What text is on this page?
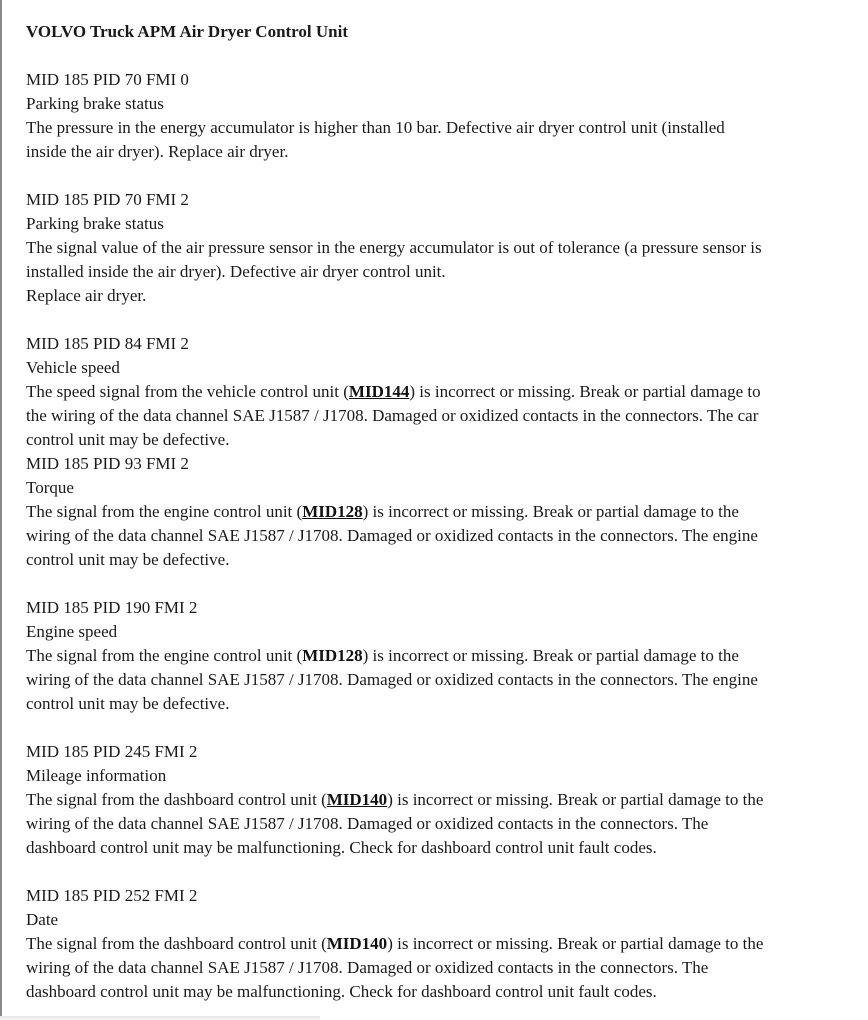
VOLVO Truck APM Air Dryer Control Unit

MID 185 PID 70 FMI 0

Parking brake status

The pressure in the energy accumulator is higher than 10 bar. Defective air dryer control unit (installed
inside the air dryer). Replace air dryer.

MID 185 PID 70 FMI 2

Parking brake status

The signal value of the air pressure sensor in the energy accumulator is out of tolerance (a pressure sensor is
installed inside the air dryer). Defective air dryer control unit.
Replace air dryer.

MID 185 PID 84 FMI 2

Vehicle speed

The speed signal from the vehicle control unit (MID144) is incorrect or missing. Break or partial damage to
the wiring of the data channel SAE J1587 / J1708. Damaged or oxidized contacts in the connectors. The car
control unit may be defective.

MID 185 PID 93 FMI 2

Torque

The signal from the engine control unit (MID128) is incorrect or missing. Break or partial damage to the
wiring of the data channel SAE J1587 / J1708. Damaged or oxidized contacts in the connectors. The engine
control unit may be defective.

MID 185 PID 190 FMI 2

Engine speed

The signal from the engine control unit (MID128) is incorrect or missing. Break or partial damage to the
wiring of the data channel SAE J1587 / J1708. Damaged or oxidized contacts in the connectors. The engine
control unit may be defective.

MID 185 PID 245 FMI 2

Mileage information

The signal from the dashboard control unit (MID140) is incorrect or missing. Break or partial damage to the
wiring of the data channel SAE J1587 / J1708. Damaged or oxidized contacts in the connectors. The
dashboard control unit may be malfunctioning. Check for dashboard control unit fault codes.

MID 185 PID 252 FMI 2

Date

The signal from the dashboard control unit (MID140) is incorrect or missing. Break or partial damage to the
wiring of the data channel SAE J1587 / J1708. Damaged or oxidized contacts in the connectors. The
dashboard control unit may be malfunctioning. Check for dashboard control unit fault codes.
